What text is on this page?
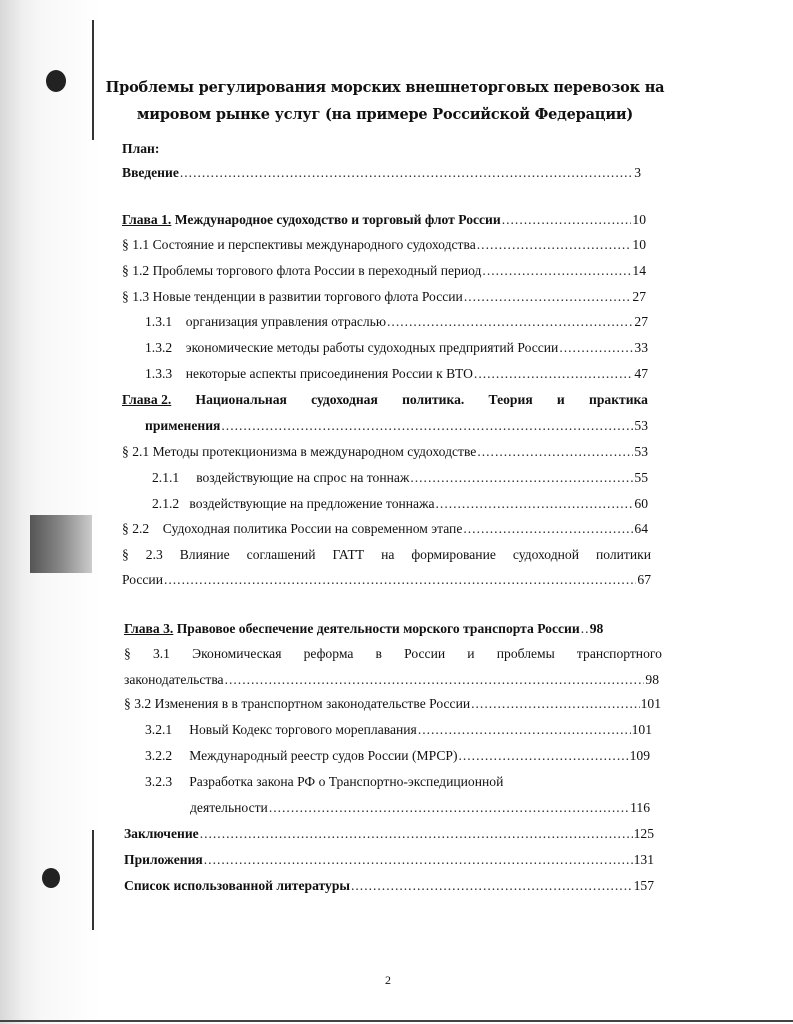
Проблемы регулирования морских внешнеторговых перевозок на
мировом рынке услуг (на примере Российской Федерации)
План:
Введение .....	3
Глава 1. Международное судоходство и торговый флот России .....	10
§ 1.1 Состояние и перспективы международного судоходства .....	10
§ 1.2 Проблемы торгового флота России в переходный период .....	14
§ 1.3 Новые тенденции в развитии торгового флота России .....	27
1.3.1 организация управления отраслью .....	27
1.3.2 экономические методы работы судоходных предприятий России .....	33
1.3.3 некоторые аспекты присоединения России к ВТО .....	47
Глава 2. Национальная судоходная политика. Теория и практика
применения .....	53
§ 2.1 Методы протекционизма в международном судоходстве .....	53
2.1.1 воздействующие на спрос на тоннаж .....	55
2.1.2 воздействующие на предложение тоннажа .....	60
§ 2.2 Судоходная политика России на современном этапе .....	64
§ 2.3 Влияние соглашений ГАТТ на формирование судоходной политики
России .....	67
Глава 3. Правовое обеспечение деятельности морского транспорта России ..... 98
§ 3.1 Экономическая реформа в России и проблемы транспортного
законодательства .....	98
§ 3.2 Изменения в в транспортном законодательстве России .....	101
3.2.1 Новый Кодекс торгового мореплавания .....	101
3.2.2 Международный реестр судов России (МРСР) .....	109
3.2.3 Разработка закона РФ о Транспортно-экспедиционной
деятельности .....	116
Заключение .....	125
Приложения .....	131
Список использованной литературы .....	157
2
